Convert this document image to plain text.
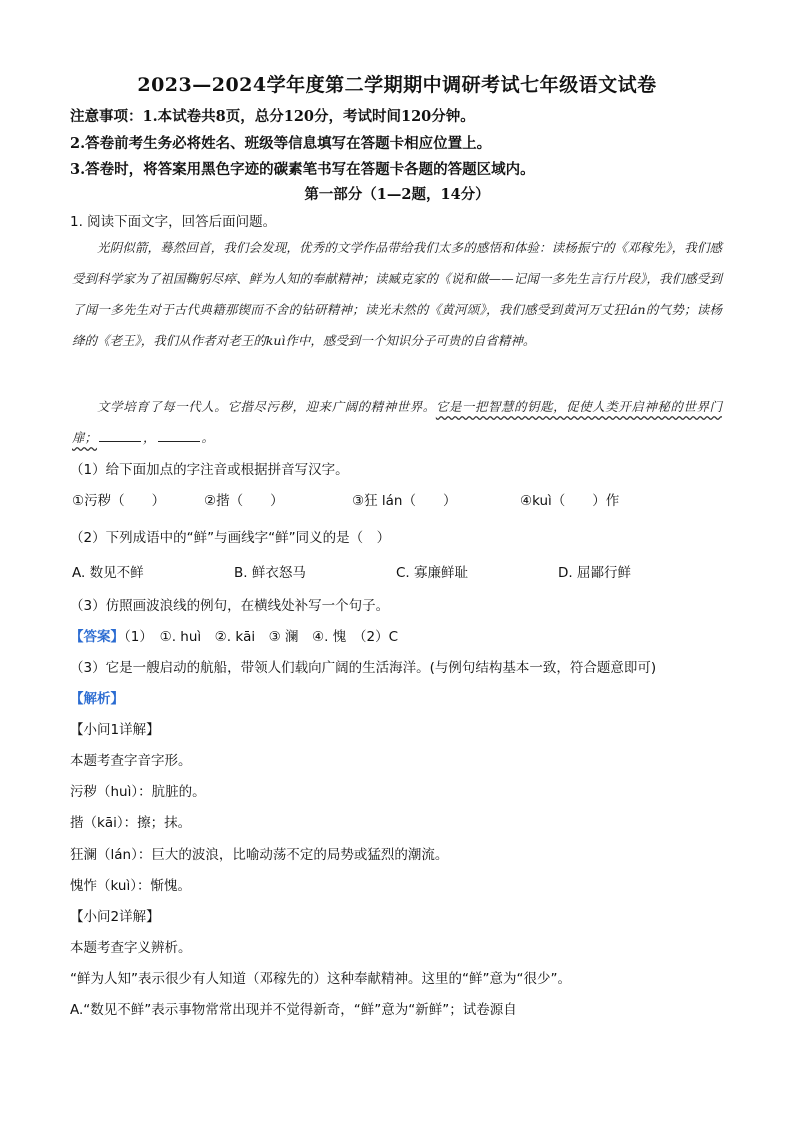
2023—2024学年度第二学期期中调研考试七年级语文试卷
注意事项：1.本试卷共8页，总分120分，考试时间120分钟。
2.答卷前考生务必将姓名、班级等信息填写在答题卡相应位置上。
3.答卷时，将答案用黑色字迹的碳素笔书写在答题卡各题的答题区域内。
第一部分（1—2题，14分）
1. 阅读下面文字，回答后面问题。
光阴似箭，蓦然回首，我们会发现，优秀的文学作品带给我们太多的感悟和体验：读杨振宁的《邓稼先》，我们感受到科学家为了祖国鞠躬尽瘁、鲜为人知的奉献精神；读臧克家的《说和做——记闻一多先生言行片段》，我们感受到了闻一多先生对于古代典籍那锲而不舍的钻研精神；读光未然的《黄河颂》，我们感受到黄河万丈狂lán的气势；读杨绛的《老王》，我们从作者对老王的kuì作中，感受到一个知识分子可贵的自省精神。
文学培育了每一代人。它揩尽污秽，迎来广阔的精神世界。它是一把智慧的钥匙，促使人类开启神秘的世界门扉；	，	。
（1）给下面加点的字注音或根据拼音写汉字。
①污秽（　　）	②揩（　　）	③狂 lán（　　）	④kuì（　　）作
（2）下列成语中的“鲜”与画线字“鲜”同义的是（　）
A. 数见不鲜	B. 鲜衣怒马	C. 寡廉鲜耻	D. 屈鄙行鲜
（3）仿照画波浪线的例句，在横线处补写一个句子。
【答案】（1）　①. huì　②. kāi　③ 澜　④. 愧　（2）C
（3）它是一艘启动的航船，带领人们载向广阔的生活海洋。(与例句结构基本一致，符合题意即可)
【解析】
【小问1详解】
本题考查字音字形。
污秽（huì）：肮脏的。
揩（kāi）：擦；抹。
狂澜（lán）：巨大的波浪，比喻动荡不定的局势或猛烈的潮流。
愧怍（kuì）：惭愧。
【小问2详解】
本题考查字义辨析。
“鲜为人知”表示很少有人知道（邓稼先的）这种奉献精神。这里的“鲜”意为“很少”。
A.“数见不鲜”表示事物常常出现并不觉得新奇，“鲜”意为“新鲜”；试卷源自
